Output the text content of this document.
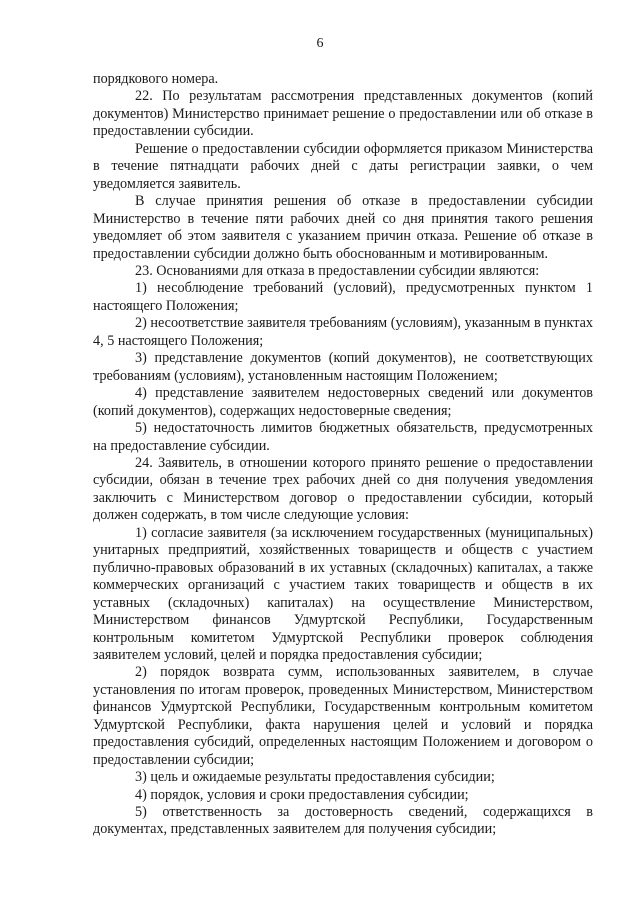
6

порядкового номера.

22. По результатам рассмотрения представленных документов (копий документов) Министерство принимает решение о предоставлении или об отказе в предоставлении субсидии.

Решение о предоставлении субсидии оформляется приказом Министерства в течение пятнадцати рабочих дней с даты регистрации заявки, о чем уведомляется заявитель.

В случае принятия решения об отказе в предоставлении субсидии Министерство в течение пяти рабочих дней со дня принятия такого решения уведомляет об этом заявителя с указанием причин отказа. Решение об отказе в предоставлении субсидии должно быть обоснованным и мотивированным.

23. Основаниями для отказа в предоставлении субсидии являются:

1) несоблюдение требований (условий), предусмотренных пунктом 1 настоящего Положения;

2) несоответствие заявителя требованиям (условиям), указанным в пунктах 4, 5 настоящего Положения;

3) представление документов (копий документов), не соответствующих требованиям (условиям), установленным настоящим Положением;

4) представление заявителем недостоверных сведений или документов (копий документов), содержащих недостоверные сведения;

5) недостаточность лимитов бюджетных обязательств, предусмотренных на предоставление субсидии.

24. Заявитель, в отношении которого принято решение о предоставлении субсидии, обязан в течение трех рабочих дней со дня получения уведомления заключить с Министерством договор о предоставлении субсидии, который должен содержать, в том числе следующие условия:

1) согласие заявителя (за исключением государственных (муниципальных) унитарных предприятий, хозяйственных товариществ и обществ с участием публично-правовых образований в их уставных (складочных) капиталах, а также коммерческих организаций с участием таких товариществ и обществ в их уставных (складочных) капиталах) на осуществление Министерством, Министерством финансов Удмуртской Республики, Государственным контрольным комитетом Удмуртской Республики проверок соблюдения заявителем условий, целей и порядка предоставления субсидии;

2) порядок возврата сумм, использованных заявителем, в случае установления по итогам проверок, проведенных Министерством, Министерством финансов Удмуртской Республики, Государственным контрольным комитетом Удмуртской Республики, факта нарушения целей и условий и порядка предоставления субсидий, определенных настоящим Положением и договором о предоставлении субсидии;

3) цель и ожидаемые результаты предоставления субсидии;

4) порядок, условия и сроки предоставления субсидии;

5) ответственность за достоверность сведений, содержащихся в документах, представленных заявителем для получения субсидии;
